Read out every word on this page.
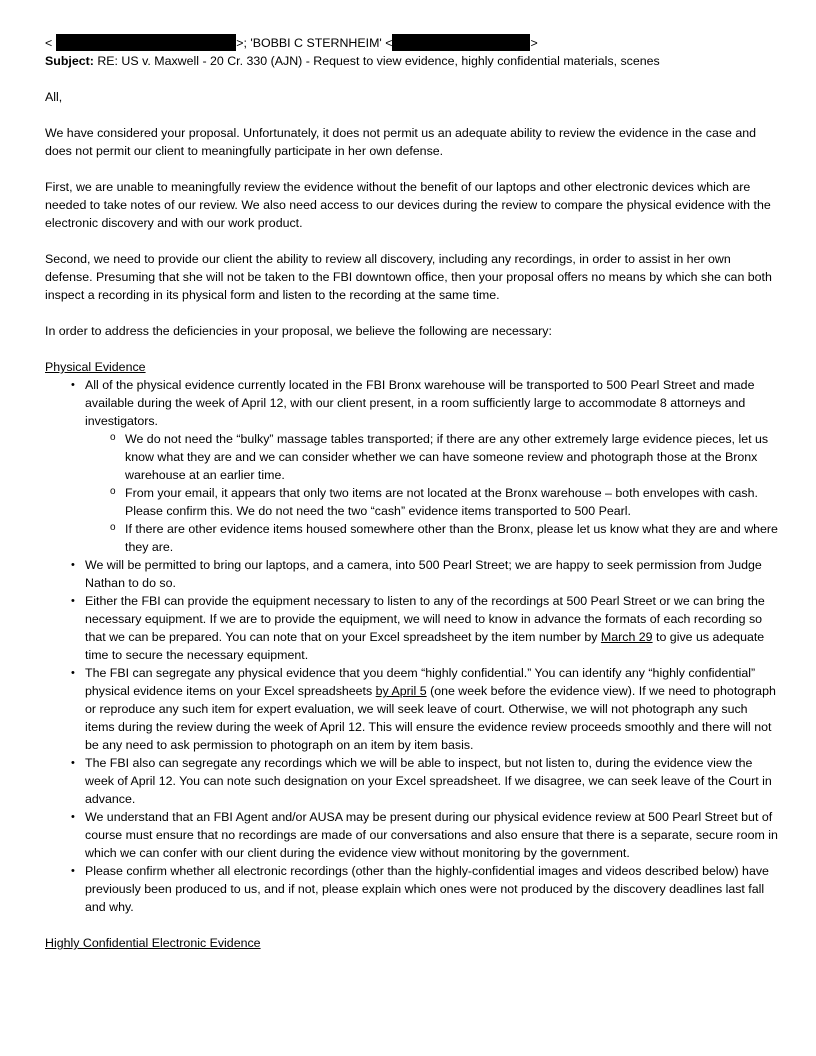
<	>; 'BOBBI C STERNHEIM' <	>
Subject: RE: US v. Maxwell - 20 Cr. 330 (AJN) - Request to view evidence, highly confidential materials, scenes

All,

We have considered your proposal. Unfortunately, it does not permit us an adequate ability to review the evidence in the case and does not permit our client to meaningfully participate in her own defense.

First, we are unable to meaningfully review the evidence without the benefit of our laptops and other electronic devices which are needed to take notes of our review. We also need access to our devices during the review to compare the physical evidence with the electronic discovery and with our work product.

Second, we need to provide our client the ability to review all discovery, including any recordings, in order to assist in her own defense. Presuming that she will not be taken to the FBI downtown office, then your proposal offers no means by which she can both inspect a recording in its physical form and listen to the recording at the same time.

In order to address the deficiencies in your proposal, we believe the following are necessary:

Physical Evidence
• All of the physical evidence currently located in the FBI Bronx warehouse will be transported to 500 Pearl Street and made available during the week of April 12, with our client present, in a room sufficiently large to accommodate 8 attorneys and investigators.
o We do not need the “bulky” massage tables transported; if there are any other extremely large evidence pieces, let us know what they are and we can consider whether we can have someone review and photograph those at the Bronx warehouse at an earlier time.
o From your email, it appears that only two items are not located at the Bronx warehouse – both envelopes with cash. Please confirm this. We do not need the two “cash” evidence items transported to 500 Pearl.
o If there are other evidence items housed somewhere other than the Bronx, please let us know what they are and where they are.
• We will be permitted to bring our laptops, and a camera, into 500 Pearl Street; we are happy to seek permission from Judge Nathan to do so.
• Either the FBI can provide the equipment necessary to listen to any of the recordings at 500 Pearl Street or we can bring the necessary equipment. If we are to provide the equipment, we will need to know in advance the formats of each recording so that we can be prepared. You can note that on your Excel spreadsheet by the item number by March 29 to give us adequate time to secure the necessary equipment.
• The FBI can segregate any physical evidence that you deem “highly confidential.” You can identify any “highly confidential” physical evidence items on your Excel spreadsheets by April 5 (one week before the evidence view). If we need to photograph or reproduce any such item for expert evaluation, we will seek leave of court. Otherwise, we will not photograph any such items during the review during the week of April 12. This will ensure the evidence review proceeds smoothly and there will not be any need to ask permission to photograph on an item by item basis.
• The FBI also can segregate any recordings which we will be able to inspect, but not listen to, during the evidence view the week of April 12. You can note such designation on your Excel spreadsheet. If we disagree, we can seek leave of the Court in advance.
• We understand that an FBI Agent and/or AUSA may be present during our physical evidence review at 500 Pearl Street but of course must ensure that no recordings are made of our conversations and also ensure that there is a separate, secure room in which we can confer with our client during the evidence view without monitoring by the government.
• Please confirm whether all electronic recordings (other than the highly-confidential images and videos described below) have previously been produced to us, and if not, please explain which ones were not produced by the discovery deadlines last fall and why.
Highly Confidential Electronic Evidence
